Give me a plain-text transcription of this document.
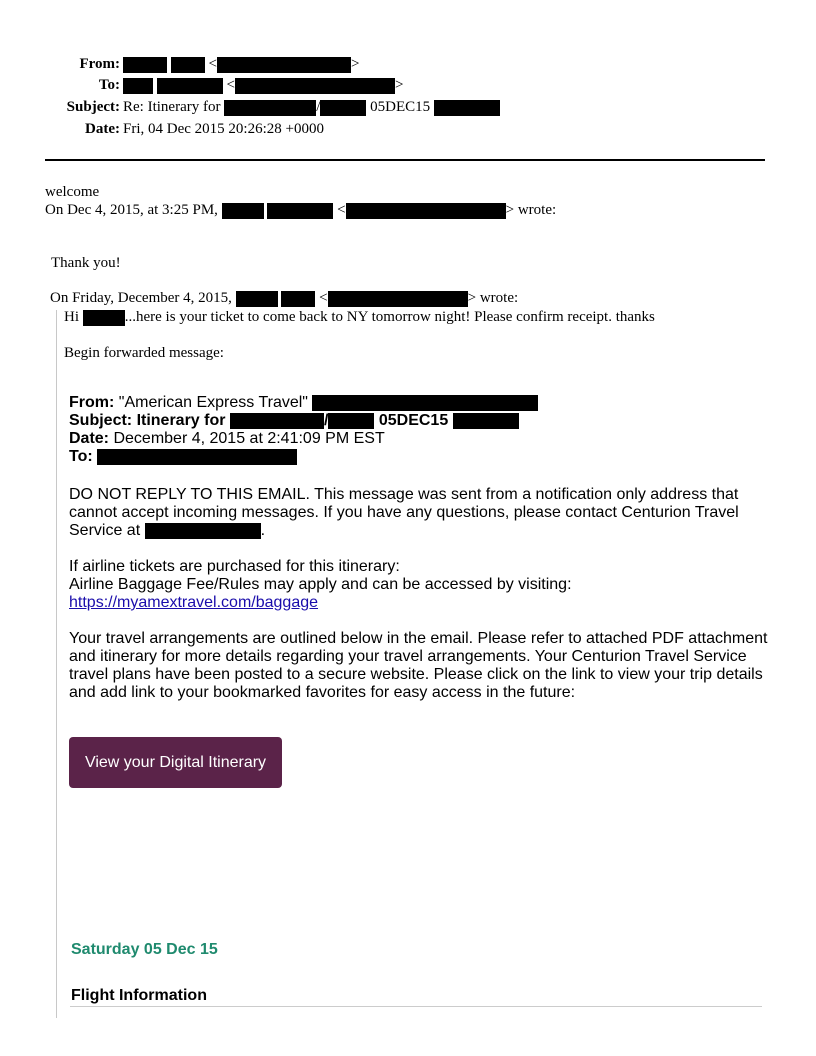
From:	<	>
To:	<	>
Subject: Re: Itinerary for	/	05DEC15
Date: Fri, 04 Dec 2015 20:26:28 +0000
welcome
On Dec 4, 2015, at 3:25 PM,	<	> wrote:
Thank you!
On Friday, December 4, 2015,	<	> wrote:
Hi	...here is your ticket to come back to NY tomorrow night! Please confirm receipt. thanks
Begin forwarded message:
From: "American Express Travel"
Subject: Itinerary for	/	05DEC15
Date: December 4, 2015 at 2:41:09 PM EST
To:
DO NOT REPLY TO THIS EMAIL. This message was sent from a notification only address that cannot accept incoming messages. If you have any questions, please contact Centurion Travel Service at	.
If airline tickets are purchased for this itinerary:
Airline Baggage Fee/Rules may apply and can be accessed by visiting:
https://myamextravel.com/baggage
Your travel arrangements are outlined below in the email. Please refer to attached PDF attachment and itinerary for more details regarding your travel arrangements. Your Centurion Travel Service travel plans have been posted to a secure website. Please click on the link to view your trip details and add link to your bookmarked favorites for easy access in the future:
View your Digital Itinerary
Saturday 05 Dec 15
Flight Information
